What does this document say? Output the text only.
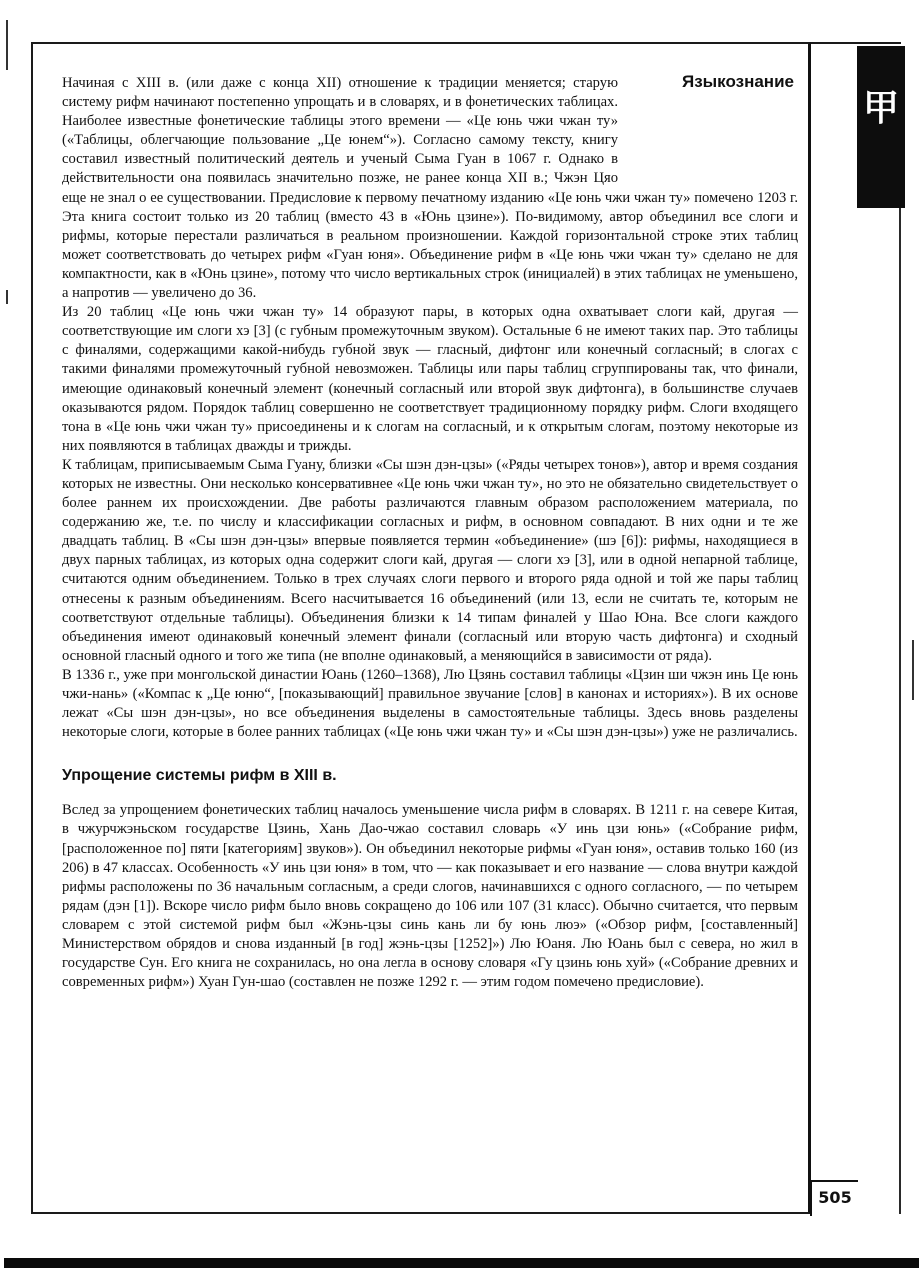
甲
Языкознание

Начиная с XIII в. (или даже с конца XII) отношение к традиции меняется; старую систему рифм начинают постепенно упрощать и в словарях, и в фонетических таблицах. Наиболее известные фонетические таблицы этого времени — «Це юнь чжи чжан ту» («Таблицы, облегчающие пользование „Це юнем“»). Согласно самому тексту, книгу составил известный политический деятель и ученый Сыма Гуан в 1067 г. Однако в действительности она появилась значительно позже, не ранее конца XII в.; Чжэн Цяо еще не знал о ее существовании. Предисловие к первому печатному изданию «Це юнь чжи чжан ту» помечено 1203 г. Эта книга состоит только из 20 таблиц (вместо 43 в «Юнь цзине»). По-видимому, автор объединил все слоги и рифмы, которые перестали различаться в реальном произношении. Каждой горизонтальной строке этих таблиц может соответствовать до четырех рифм «Гуан юня». Объединение рифм в «Це юнь чжи чжан ту» сделано не для компактности, как в «Юнь цзине», потому что число вертикальных строк (инициалей) в этих таблицах не уменьшено, а напротив — увеличено до 36.

Из 20 таблиц «Це юнь чжи чжан ту» 14 образуют пары, в которых одна охватывает слоги кай, другая — соответствующие им слоги хэ [3] (с губным промежуточным звуком). Остальные 6 не имеют таких пар. Это таблицы с финалями, содержащими какой-нибудь губной звук — гласный, дифтонг или конечный согласный; в слогах с такими финалями промежуточный губной невозможен. Таблицы или пары таблиц сгруппированы так, что финали, имеющие одинаковый конечный элемент (конечный согласный или второй звук дифтонга), в большинстве случаев оказываются рядом. Порядок таблиц совершенно не соответствует традиционному порядку рифм. Слоги входящего тона в «Це юнь чжи чжан ту» присоединены и к слогам на согласный, и к открытым слогам, поэтому некоторые из них появляются в таблицах дважды и трижды.

К таблицам, приписываемым Сыма Гуану, близки «Сы шэн дэн-цзы» («Ряды четырех тонов»), автор и время создания которых не известны. Они несколько консервативнее «Це юнь чжи чжан ту», но это не обязательно свидетельствует о более раннем их происхождении. Две работы различаются главным образом расположением материала, по содержанию же, т.е. по числу и классификации согласных и рифм, в основном совпадают. В них одни и те же двадцать таблиц. В «Сы шэн дэн-цзы» впервые появляется термин «объединение» (шэ [6]): рифмы, находящиеся в двух парных таблицах, из которых одна содержит слоги кай, другая — слоги хэ [3], или в одной непарной таблице, считаются одним объединением. Только в трех случаях слоги первого и второго ряда одной и той же пары таблиц отнесены к разным объединениям. Всего насчитывается 16 объединений (или 13, если не считать те, которым не соответствуют отдельные таблицы). Объединения близки к 14 типам финалей у Шао Юна. Все слоги каждого объединения имеют одинаковый конечный элемент финали (согласный или вторую часть дифтонга) и сходный основной гласный одного и того же типа (не вполне одинаковый, а меняющийся в зависимости от ряда).

В 1336 г., уже при монгольской династии Юань (1260–1368), Лю Цзянь составил таблицы «Цзин ши чжэн инь Це юнь чжи-нань» («Компас к „Це юню“, [показывающий] правильное звучание [слов] в канонах и историях»). В их основе лежат «Сы шэн дэн-цзы», но все объединения выделены в самостоятельные таблицы. Здесь вновь разделены некоторые слоги, которые в более ранних таблицах («Це юнь чжи чжан ту» и «Сы шэн дэн-цзы») уже не различались.

Упрощение системы рифм в XIII в.

Вслед за упрощением фонетических таблиц началось уменьшение числа рифм в словарях. В 1211 г. на севере Китая, в чжурчжэньском государстве Цзинь, Хань Дао-чжао составил словарь «У инь цзи юнь» («Собрание рифм, [расположенное по] пяти [категориям] звуков»). Он объединил некоторые рифмы «Гуан юня», оставив только 160 (из 206) в 47 классах. Особенность «У инь цзи юня» в том, что — как показывает и его название — слова внутри каждой рифмы расположены по 36 начальным согласным, а среди слогов, начинавшихся с одного согласного, — по четырем рядам (дэн [1]). Вскоре число рифм было вновь сокращено до 106 или 107 (31 класс). Обычно считается, что первым словарем с этой системой рифм был «Жэнь-цзы синь кань ли бу юнь люэ» («Обзор рифм, [составленный] Министерством обрядов и снова изданный [в год] жэнь-цзы [1252]») Лю Юаня. Лю Юань был с севера, но жил в государстве Сун. Его книга не сохранилась, но она легла в основу словаря «Гу цзинь юнь хуй» («Собрание древних и современных рифм») Хуан Гун-шао (составлен не позже 1292 г. — этим годом помечено предисловие).

505
